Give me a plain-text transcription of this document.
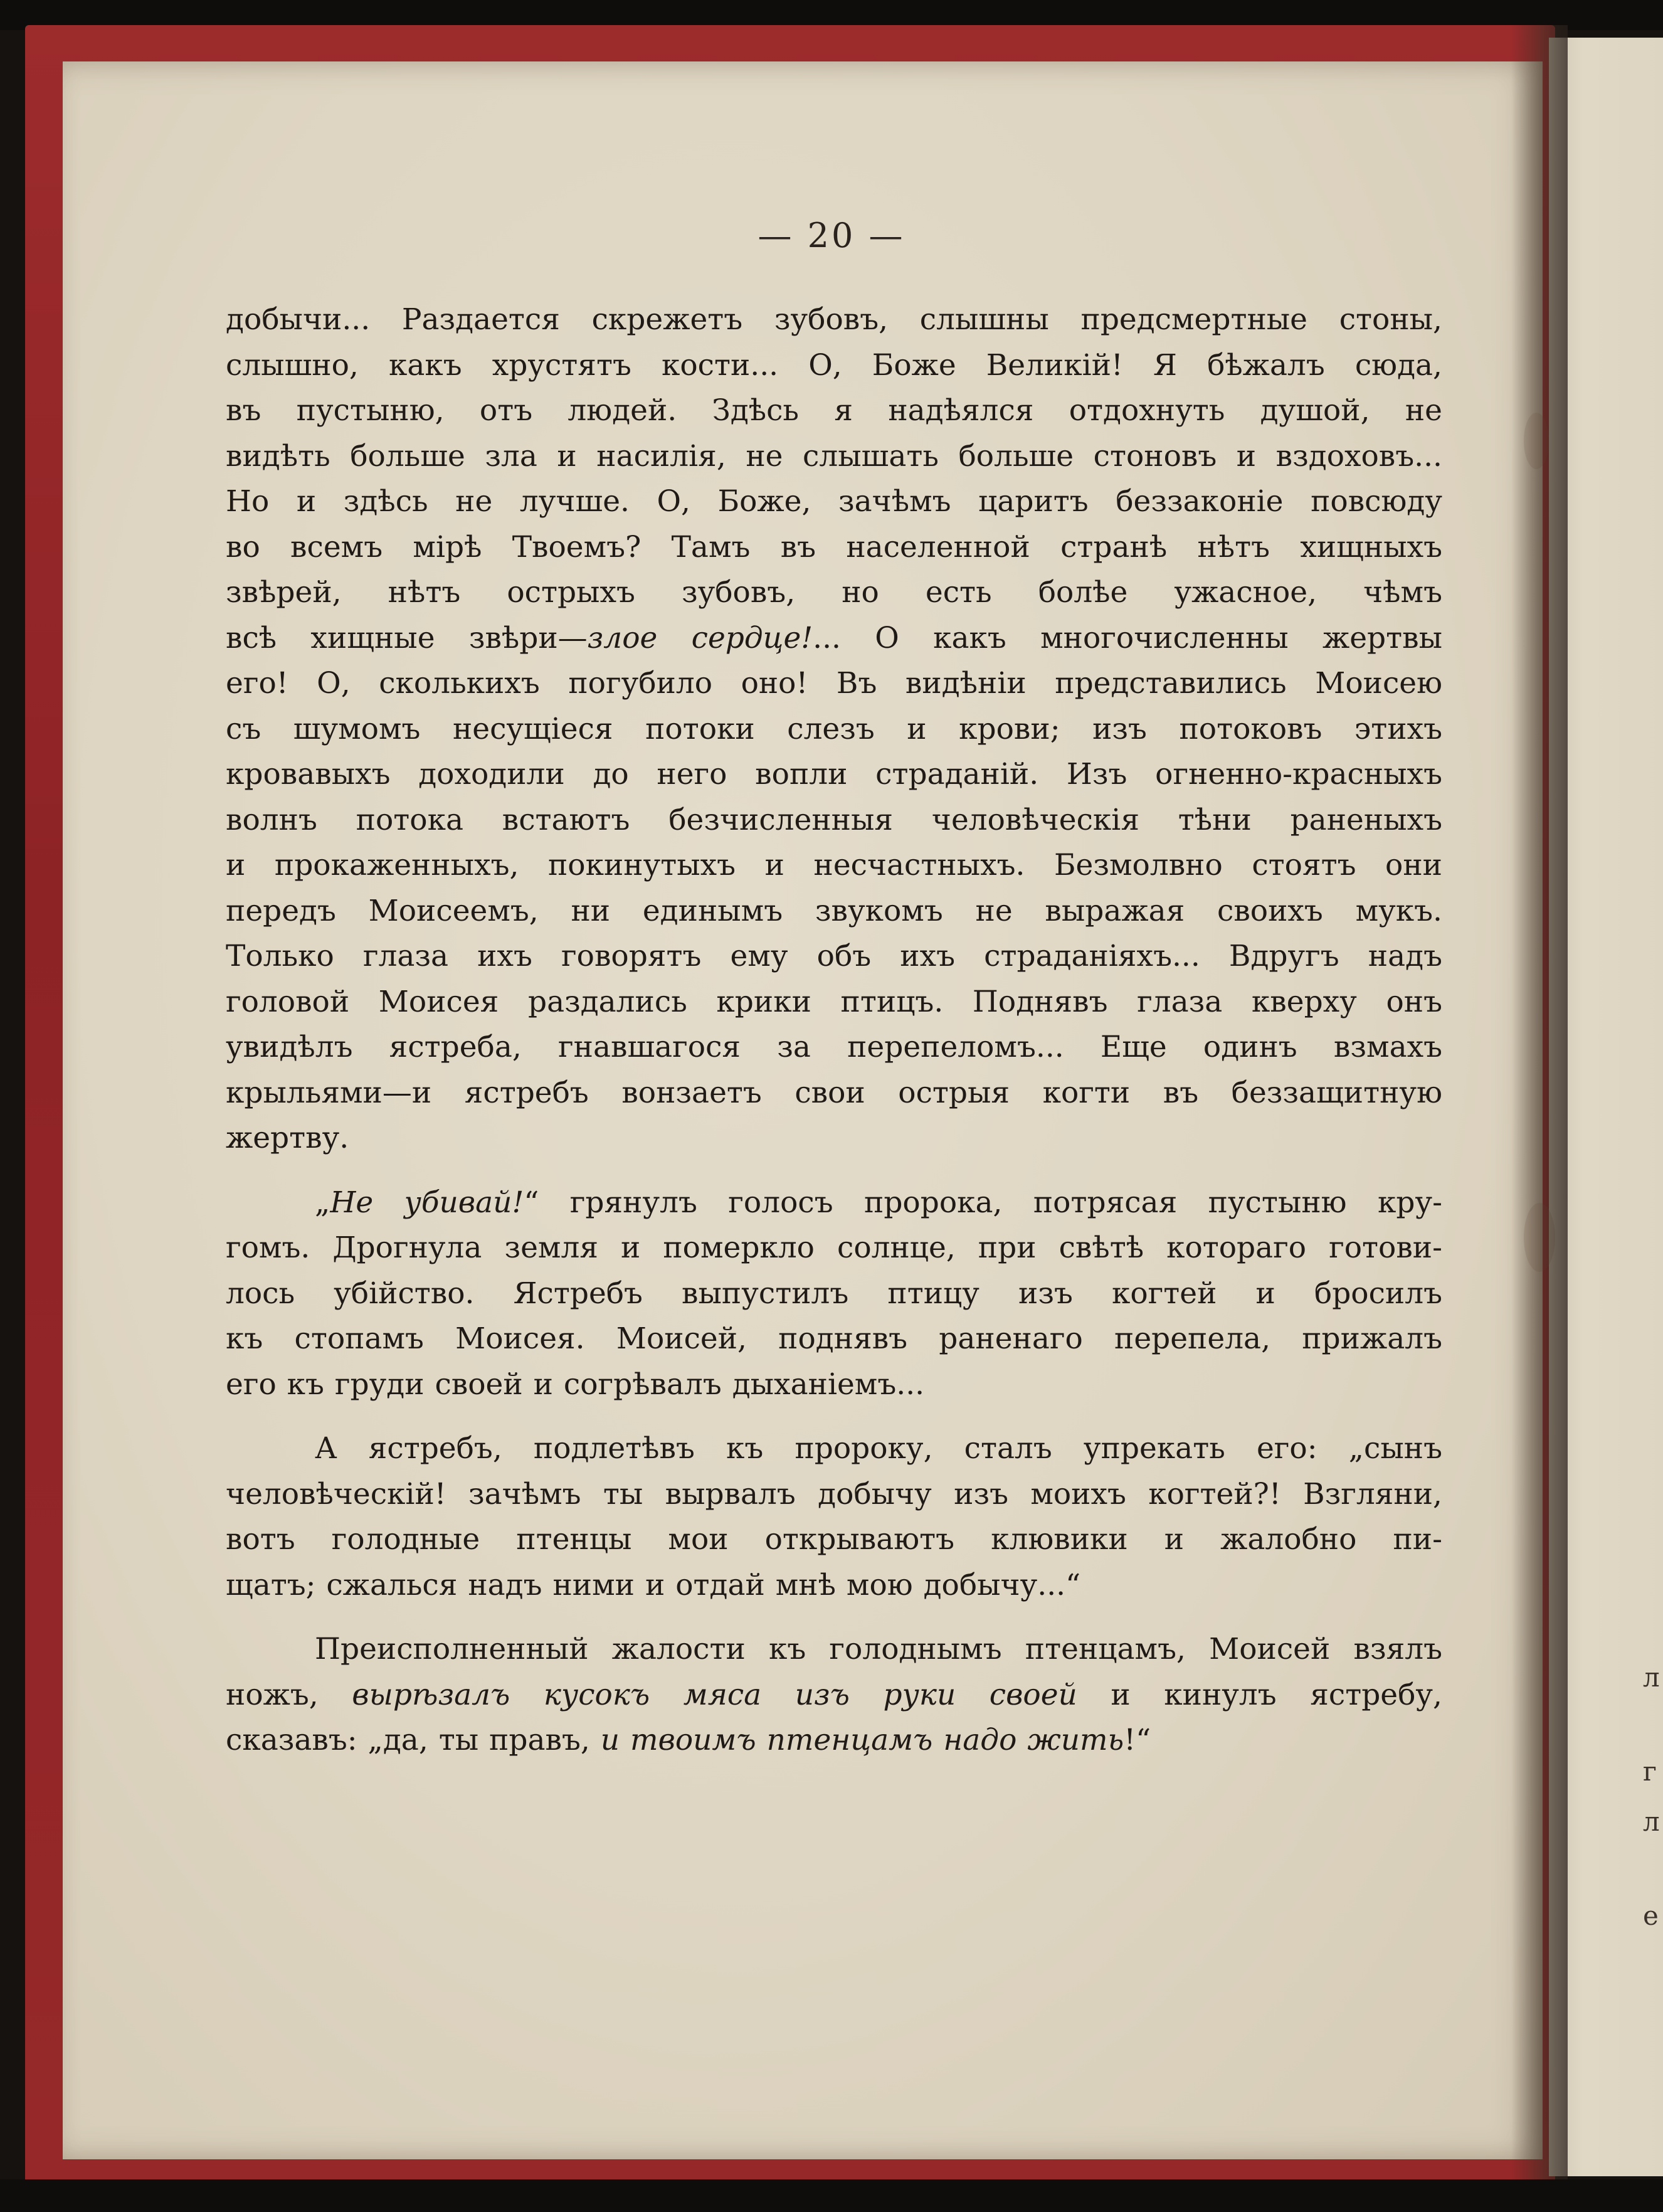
л
г
л
е
— 20 —
добычи... Раздается скрежетъ зубовъ, слышны предсмертные стоны,
слышно, какъ хрустятъ кости... О, Боже Великій! Я бѣжалъ сюда,
въ пустыню, отъ людей. Здѣсь я надѣялся отдохнуть душой, не
видѣть больше зла и насилія, не слышать больше стоновъ и вздоховъ...
Но и здѣсь не лучше. О, Боже, зачѣмъ царитъ беззаконіе повсюду
во всемъ мірѣ Твоемъ? Тамъ въ населенной странѣ нѣтъ хищныхъ
звѣрей, нѣтъ острыхъ зубовъ, но есть болѣе ужасное, чѣмъ
всѣ хищные звѣри—злое сердце!... О какъ многочисленны жертвы
его! О, сколькихъ погубило оно! Въ видѣніи представились Моисею
съ шумомъ несущіеся потоки слезъ и крови; изъ потоковъ этихъ
кровавыхъ доходили до него вопли страданій. Изъ огненно-красныхъ
волнъ потока встаютъ безчисленныя человѣческія тѣни раненыхъ
и прокаженныхъ, покинутыхъ и несчастныхъ. Безмолвно стоятъ они
передъ Моисеемъ, ни единымъ звукомъ не выражая своихъ мукъ.
Только глаза ихъ говорятъ ему объ ихъ страданіяхъ... Вдругъ надъ
головой Моисея раздались крики птицъ. Поднявъ глаза кверху онъ
увидѣлъ ястреба, гнавшагося за перепеломъ... Еще одинъ взмахъ
крыльями—и ястребъ вонзаетъ свои острыя когти въ беззащитную
жертву.
„Не убивай!“ грянулъ голосъ пророка, потрясая пустыню кру-
гомъ. Дрогнула земля и померкло солнце, при свѣтѣ котораго готови-
лось убійство. Ястребъ выпустилъ птицу изъ когтей и бросилъ
къ стопамъ Моисея. Моисей, поднявъ раненаго перепела, прижалъ
его къ груди своей и согрѣвалъ дыханіемъ...
А ястребъ, подлетѣвъ къ пророку, сталъ упрекать его: „сынъ
человѣческій! зачѣмъ ты вырвалъ добычу изъ моихъ когтей?! Взгляни,
вотъ голодные птенцы мои открываютъ клювики и жалобно пи-
щатъ; сжалься надъ ними и отдай мнѣ мою добычу...“
Преисполненный жалости къ голоднымъ птенцамъ, Моисей взялъ
ножъ, вырѣзалъ кусокъ мяса изъ руки своей и кинулъ ястребу,
сказавъ: „да, ты правъ, и твоимъ птенцамъ надо жить!“
